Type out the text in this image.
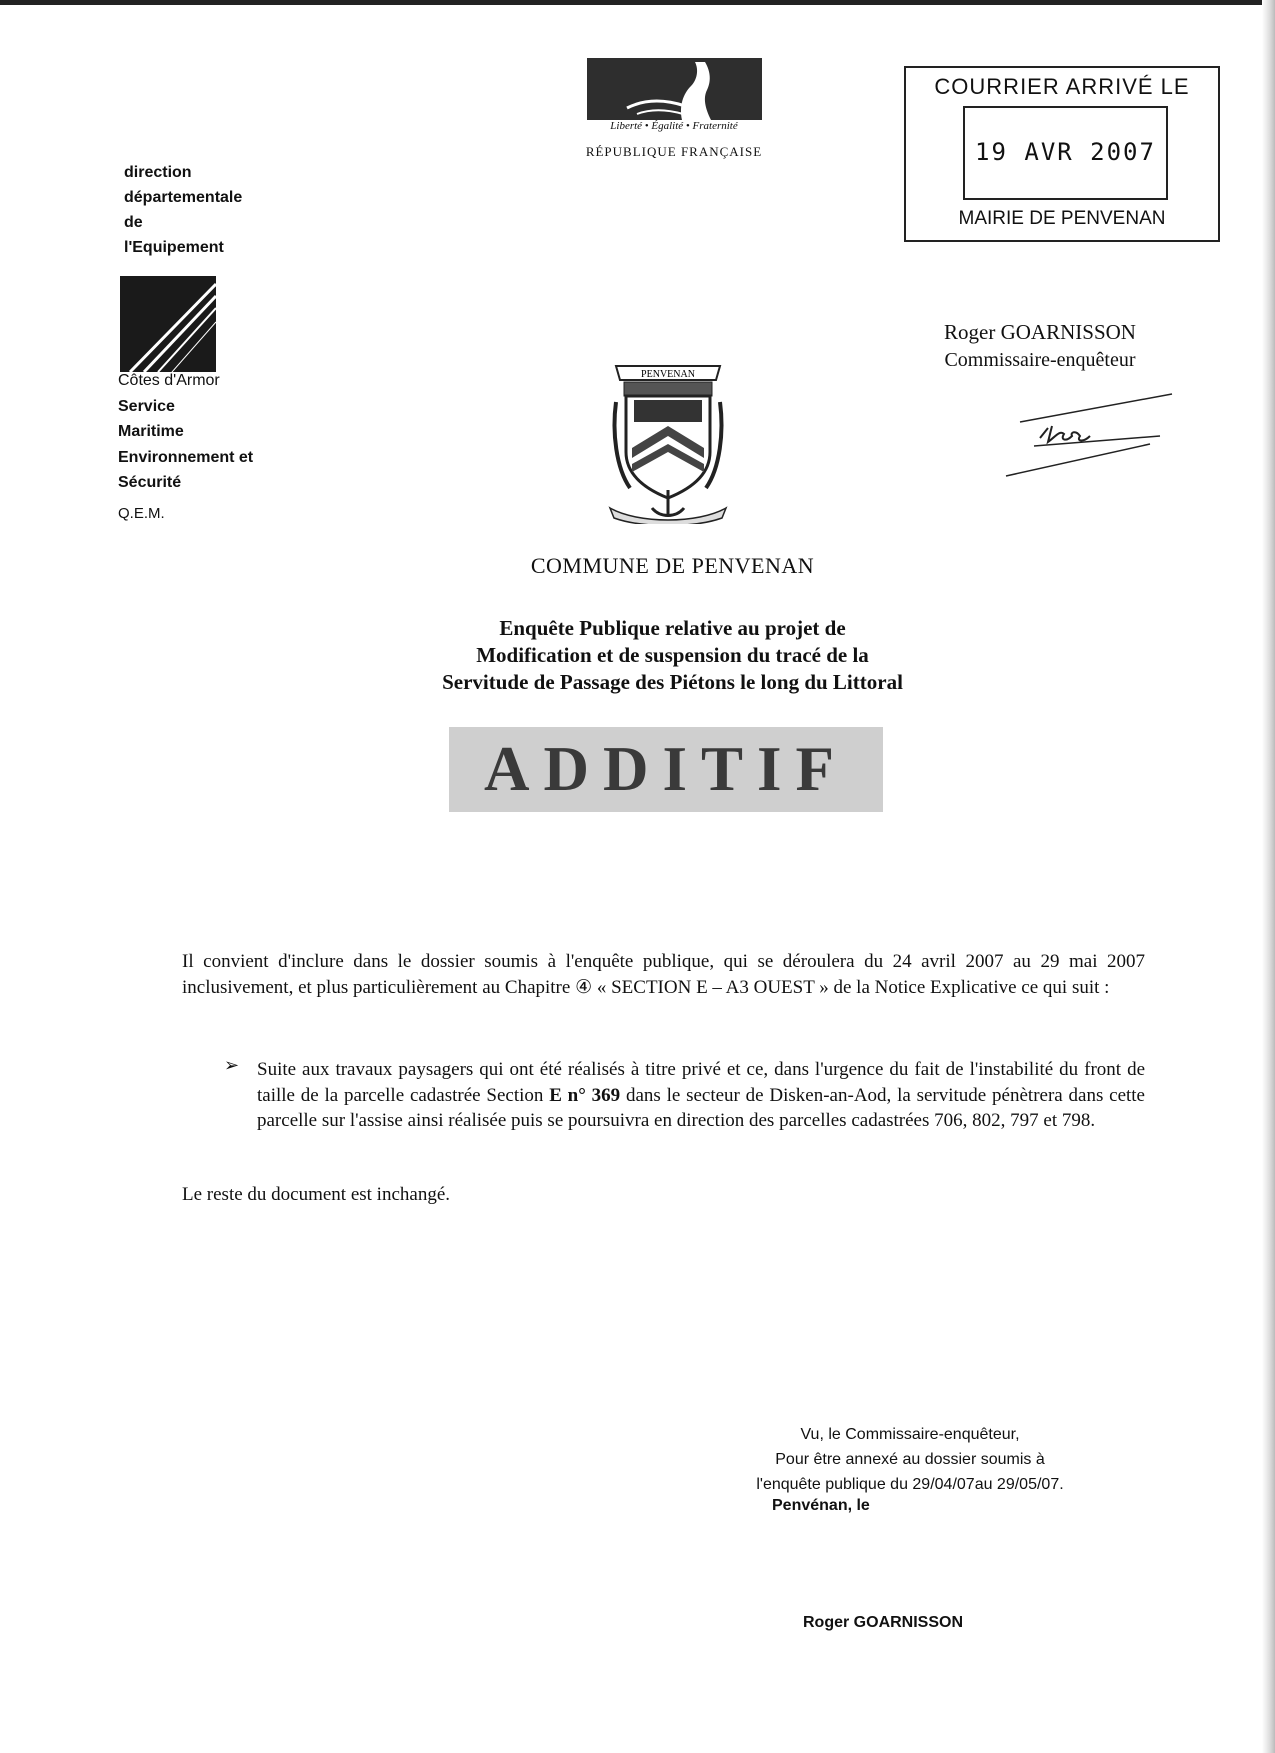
direction
départementale
de
l'Equipement
Côtes d'Armor
Service
Maritime
Environnement et
Sécurité
Q.E.M.
Liberté • Égalité • Fraternité
RÉPUBLIQUE FRANÇAISE
COURRIER ARRIVÉ LE
19 AVR 2007
MAIRIE DE PENVENAN
Roger GOARNISSON
Commissaire-enquêteur
PENVENAN
COMMUNE DE PENVENAN
Enquête Publique relative au projet de
Modification et de suspension du tracé de la
Servitude de Passage des Piétons le long du Littoral
ADDITIF
Il convient d'inclure dans le dossier soumis à l'enquête publique, qui se déroulera du 24 avril 2007 au 29 mai 2007 inclusivement, et plus particulièrement au Chapitre ④ « SECTION E – A3 OUEST » de la Notice Explicative ce qui suit :
➢ Suite aux travaux paysagers qui ont été réalisés à titre privé et ce, dans l'urgence du fait de l'instabilité du front de taille de la parcelle cadastrée Section E n° 369 dans le secteur de Disken-an-Aod, la servitude pénètrera dans cette parcelle sur l'assise ainsi réalisée puis se poursuivra en direction des parcelles cadastrées 706, 802, 797 et 798.
Le reste du document est inchangé.
Vu, le Commissaire-enquêteur,
Pour être annexé au dossier soumis à
l'enquête publique du 29/04/07au 29/05/07.
Penvénan, le
Roger GOARNISSON
